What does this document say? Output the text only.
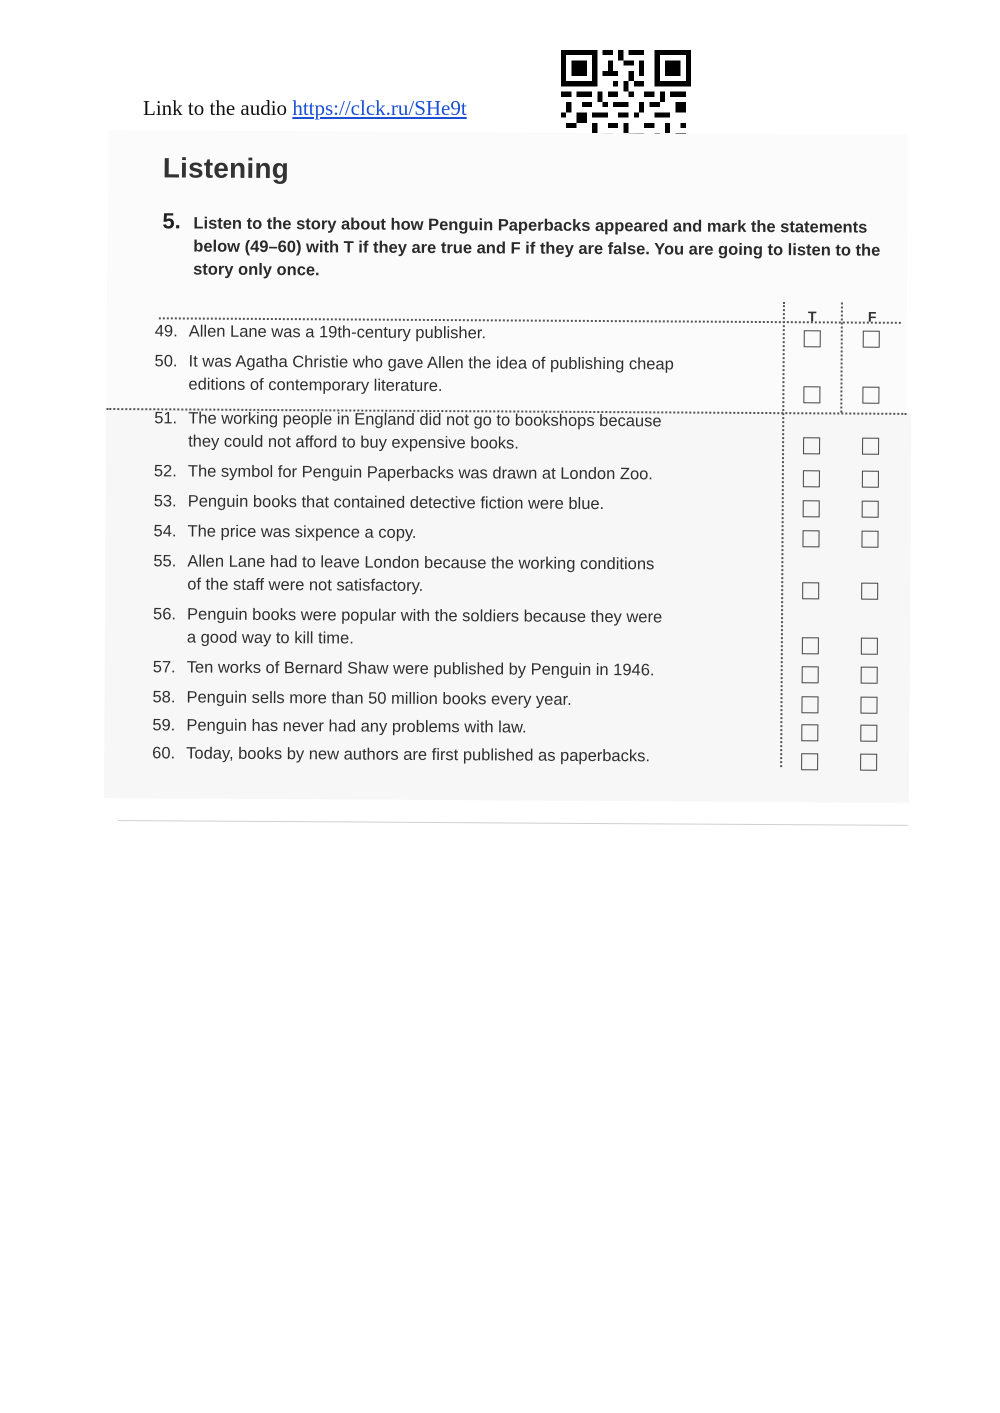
Link to the audio https://clck.ru/SHe9t
Listening
5. Listen to the story about how Penguin Paperbacks appeared and mark the statements below (49–60) with T if they are true and F if they are false. You are going to listen to the story only once.
T	F
49. Allen Lane was a 19th-century publisher.
50. It was Agatha Christie who gave Allen the idea of publishing cheap
editions of contemporary literature.
51. The working people in England did not go to bookshops because
they could not afford to buy expensive books.
52. The symbol for Penguin Paperbacks was drawn at London Zoo.
53. Penguin books that contained detective fiction were blue.
54. The price was sixpence a copy.
55. Allen Lane had to leave London because the working conditions
of the staff were not satisfactory.
56. Penguin books were popular with the soldiers because they were
a good way to kill time.
57. Ten works of Bernard Shaw were published by Penguin in 1946.
58. Penguin sells more than 50 million books every year.
59. Penguin has never had any problems with law.
60. Today, books by new authors are first published as paperbacks.
